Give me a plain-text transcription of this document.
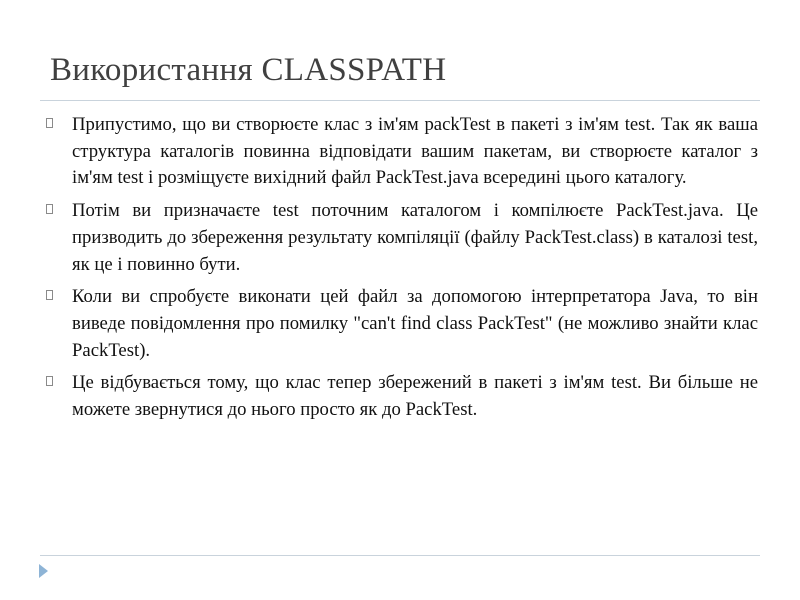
Використання CLASSPATH
Припустимо, що ви створюєте клас з ім'ям packTest в пакеті з ім'ям test. Так як ваша структура каталогів повинна відповідати вашим пакетам, ви створюєте каталог з ім'ям test і розміщуєте вихідний файл PackTest.java всередині цього каталогу.
Потім ви призначаєте test поточним каталогом і компілюєте PackTest.java. Це призводить до збереження результату компіляції (файлу PackTest.class) в каталозі test, як це і повинно бути.
Коли ви спробуєте виконати цей файл за допомогою інтерпретатора Java, то він виведе повідомлення про помилку "can't find class PackTest" (не можливо знайти клас PackTest).
Це відбувається тому, що клас тепер збережений в пакеті з ім'ям test. Ви більше не можете звернутися до нього просто як до PackTest.
